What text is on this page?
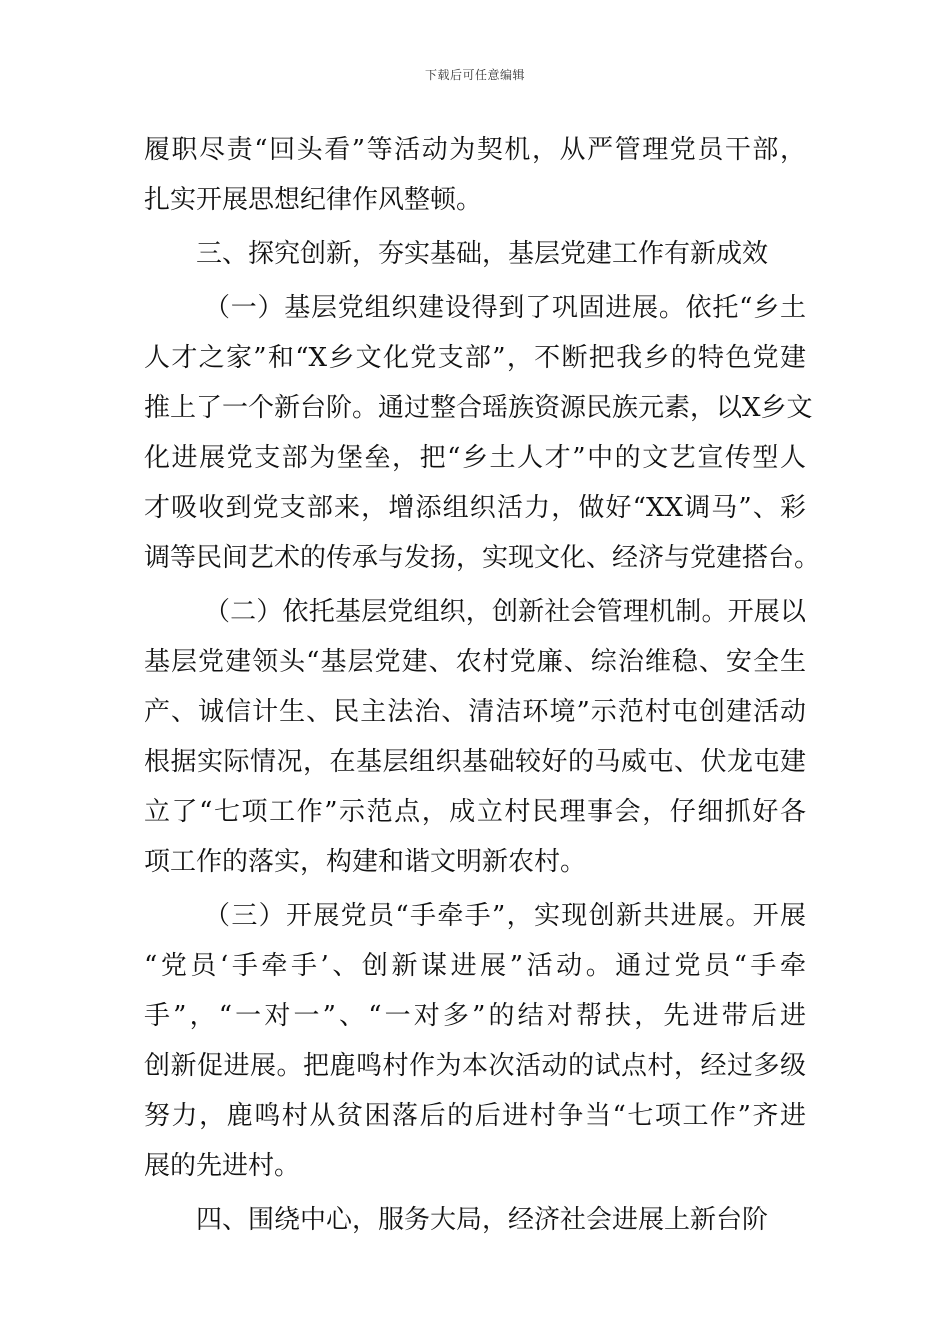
下载后可任意编辑
履职尽责“回头看”等活动为契机，从严管理党员干部，
扎实开展思想纪律作风整顿。
三、探究创新，夯实基础，基层党建工作有新成效
（一）基层党组织建设得到了巩固进展。依托“乡土
人才之家”和“X乡文化党支部”，不断把我乡的特色党建
推上了一个新台阶。通过整合瑶族资源民族元素，以X乡文
化进展党支部为堡垒，把“乡土人才”中的文艺宣传型人
才吸收到党支部来，增添组织活力，做好“XX调马”、彩
调等民间艺术的传承与发扬，实现文化、经济与党建搭台。
（二）依托基层党组织，创新社会管理机制。开展以
基层党建领头“基层党建、农村党廉、综治维稳、安全生
产、诚信计生、民主法治、清洁环境”示范村屯创建活动
根据实际情况，在基层组织基础较好的马威屯、伏龙屯建
立了“七项工作”示范点，成立村民理事会，仔细抓好各
项工作的落实，构建和谐文明新农村。
（三）开展党员“手牵手”，实现创新共进展。开展
“党员‘手牵手’、创新谋进展”活动。通过党员“手牵
手”，“一对一”、“一对多”的结对帮扶，先进带后进
创新促进展。把鹿鸣村作为本次活动的试点村，经过多级
努力，鹿鸣村从贫困落后的后进村争当“七项工作”齐进
展的先进村。
四、围绕中心，服务大局，经济社会进展上新台阶
